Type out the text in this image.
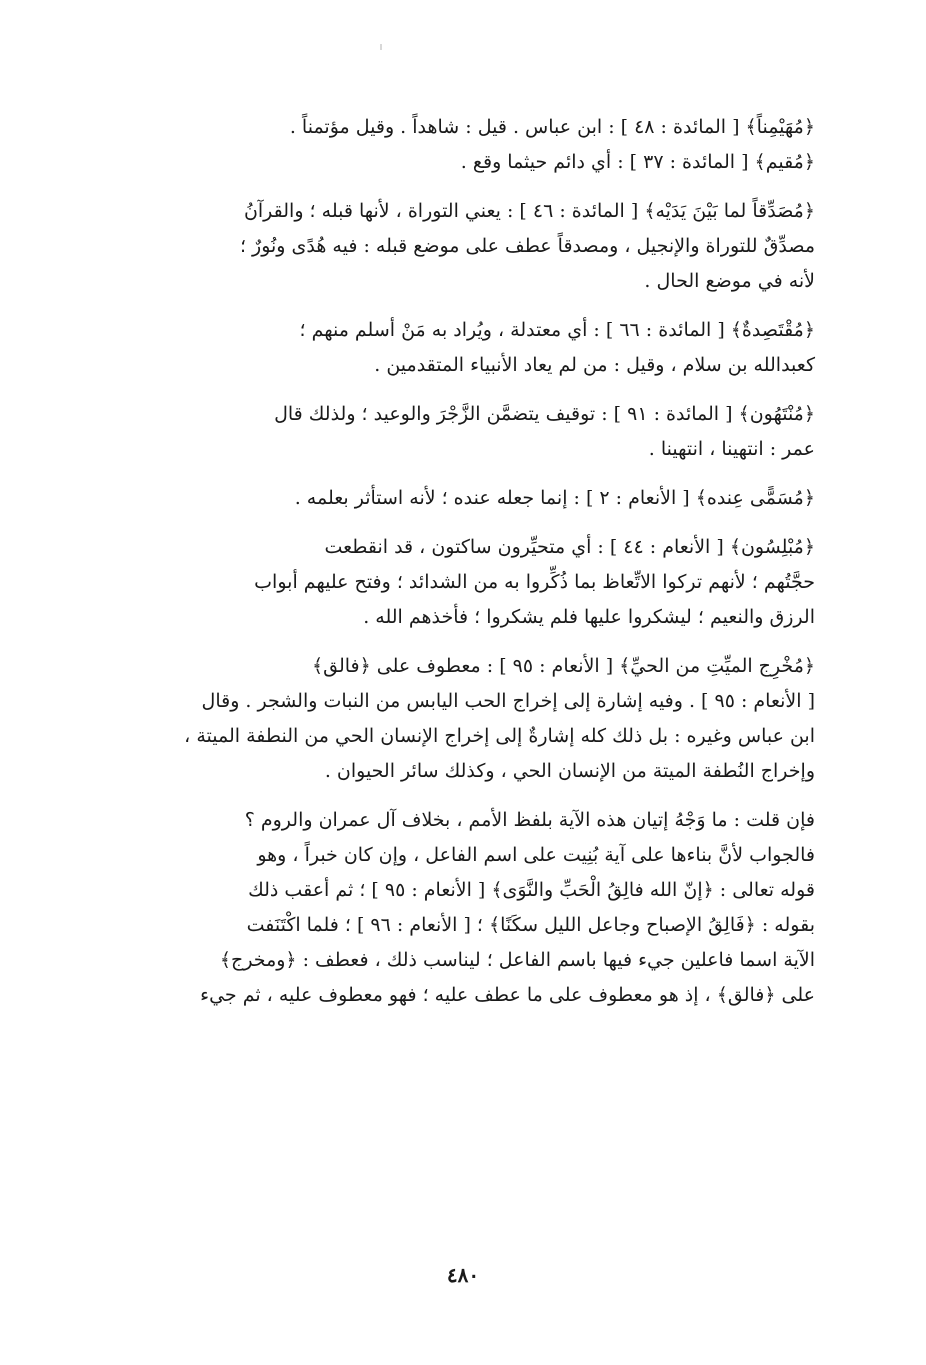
﴿مُهَيْمِناً﴾ [ المائدة : ٤٨ ] : ابن عباس . قيل : شاهداً . وقيل مؤتمناً .

﴿مُقيم﴾ [ المائدة : ٣٧ ] : أي دائم حيثما وقع .

﴿مُصَدِّقاً لما بَيْنَ يَدَيْه﴾ [ المائدة : ٤٦ ] : يعني التوراة ، لأنها قبله ؛ والقرآنُ

مصدِّقٌ للتوراة والإنجيل ، ومصدقاً عطف على موضع قبله : فيه هُدًى ونُورٌ ؛

لأنه في موضع الحال .

﴿مُقْتَصِدةٌ﴾ [ المائدة : ٦٦ ] : أي معتدلة ، ويُراد به مَنْ أسلم منهم ؛

كعبدالله بن سلام ، وقيل : من لم يعاد الأنبياء المتقدمين .

﴿مُنْتَهُون﴾ [ المائدة : ٩١ ] : توقيف يتضمَّن الزَّجْرَ والوعيد ؛ ولذلك قال

عمر : انتهينا ، انتهينا .

﴿مُسَمًّى عِنده﴾ [ الأنعام : ٢ ] : إنما جعله عنده ؛ لأنه استأثر بعلمه .

﴿مُبْلِسُون﴾ [ الأنعام : ٤٤ ] : أي متحيِّرون ساكتون ، قد انقطعت

حجَّتُهم ؛ لأنهم تركوا الاتِّعاظ بما ذُكِّروا به من الشدائد ؛ وفتح عليهم أبواب

الرزق والنعيم ؛ ليشكروا عليها فلم يشكروا ؛ فأخذهم الله .

﴿مُخْرِج الميِّتِ من الحيِّ﴾ [ الأنعام : ٩٥ ] : معطوف على ﴿فالق﴾

[ الأنعام : ٩٥ ] . وفيه إشارة إلى إخراج الحب اليابس من النبات والشجر . وقال

ابن عباس وغيره : بل ذلك كله إشارةٌ إلى إخراج الإنسان الحي من النطفة الميتة ،

وإخراج النُطفة الميتة من الإنسان الحي ، وكذلك سائر الحيوان .

فإن قلت : ما وَجْهُ إتيان هذه الآية بلفظ الأمم ، بخلاف آل عمران والروم ؟

فالجواب لأنَّ بناءها على آية بُنِيت على اسم الفاعل ، وإن كان خبراً ، وهو

قوله تعالى : ﴿إنّ الله فالِقُ الْحَبِّ والنَّوَى﴾ [ الأنعام : ٩٥ ] ؛ ثم أعقب ذلك

بقوله : ﴿فَالِقُ الإصباح وجاعل الليل سكَنًا﴾ ؛ [ الأنعام : ٩٦ ] ؛ فلما اكْتَنَفت

الآية اسما فاعلين جيء فيها باسم الفاعل ؛ ليناسب ذلك ، فعطف : ﴿ومخرج﴾

على ﴿فالق﴾ ، إذ هو معطوف على ما عطف عليه ؛ فهو معطوف عليه ، ثم جيء

٤٨٠
